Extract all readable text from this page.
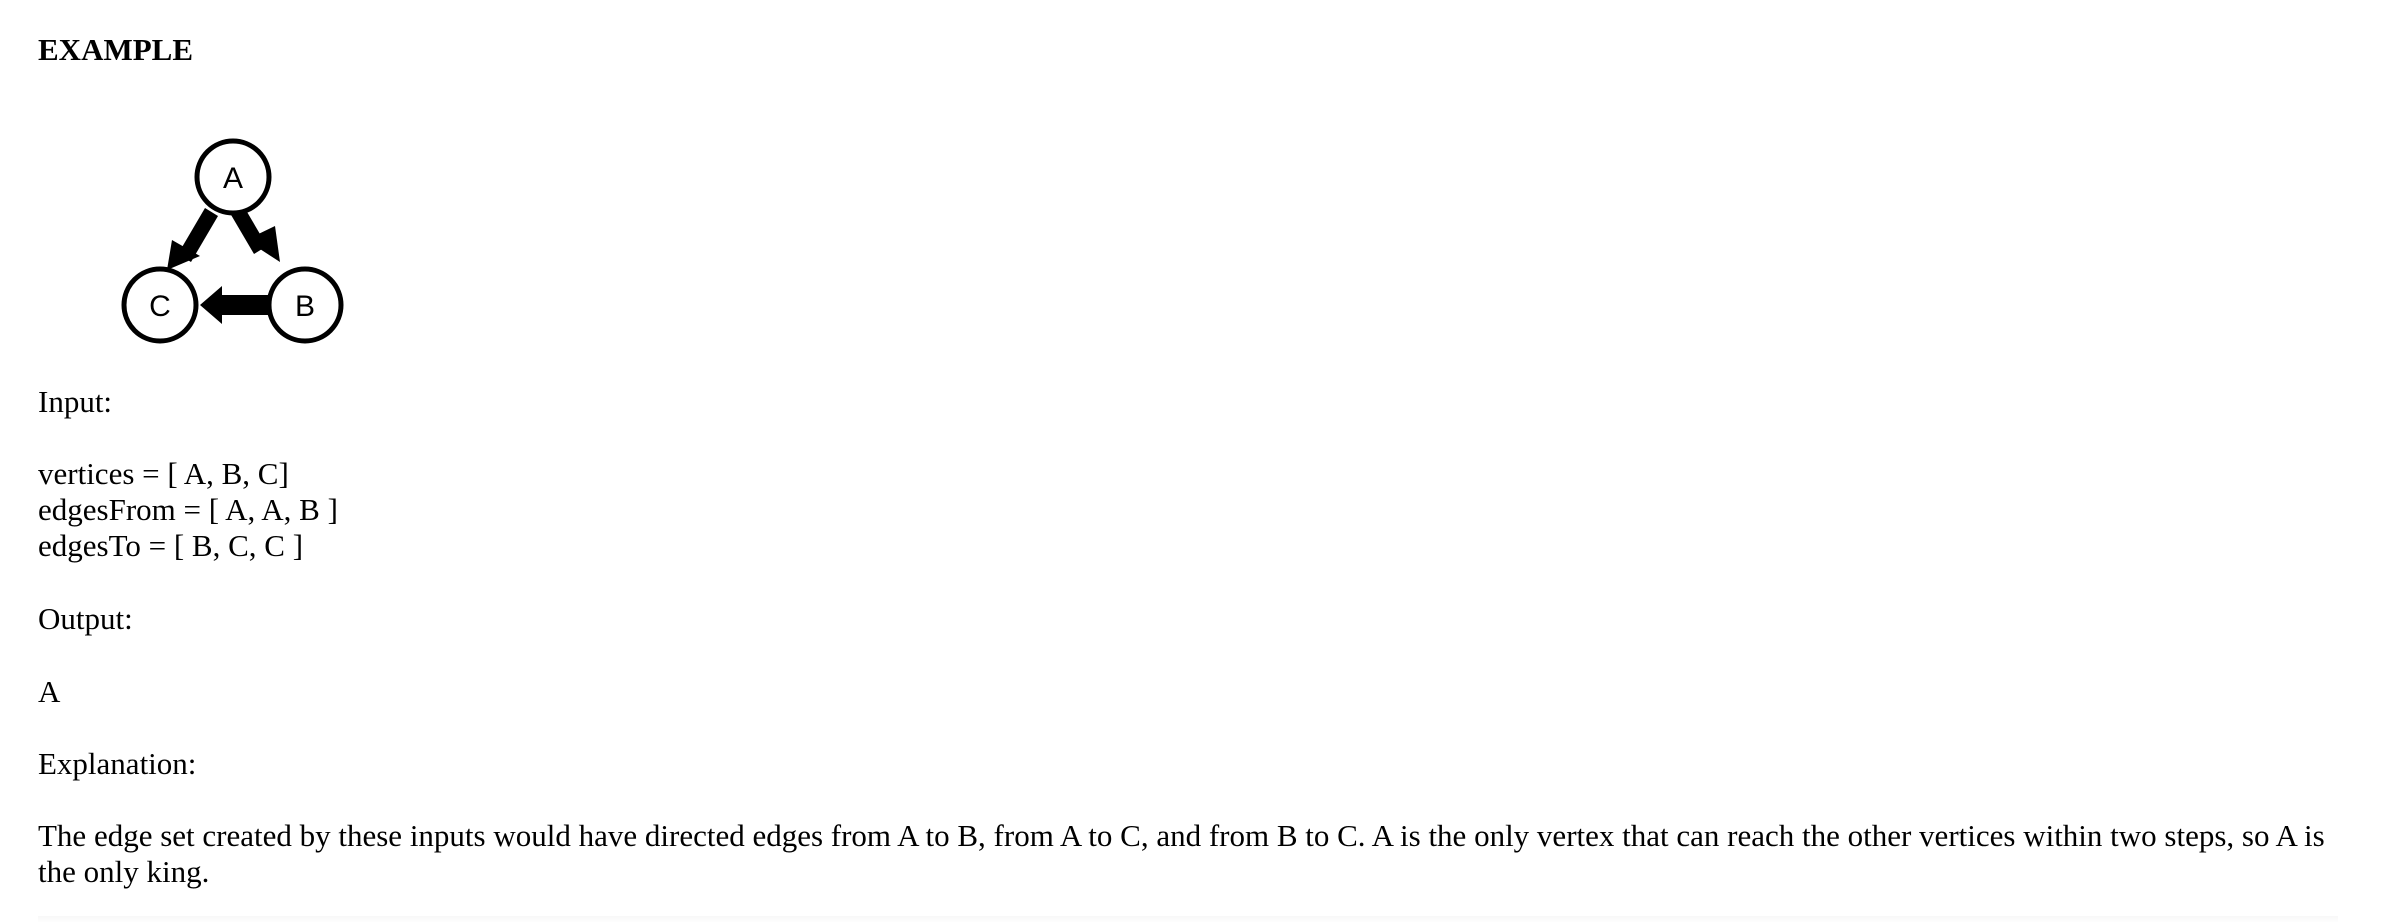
EXAMPLE
A
B
C
Input:
vertices = [ A, B, C]
edgesFrom = [ A, A, B ]
edgesTo = [ B, C, C ]
Output:
A
Explanation:
The edge set created by these inputs would have directed edges from A to B, from A to C, and from B to C. A is the only vertex that can reach the other vertices within two steps, so A is the only king.
